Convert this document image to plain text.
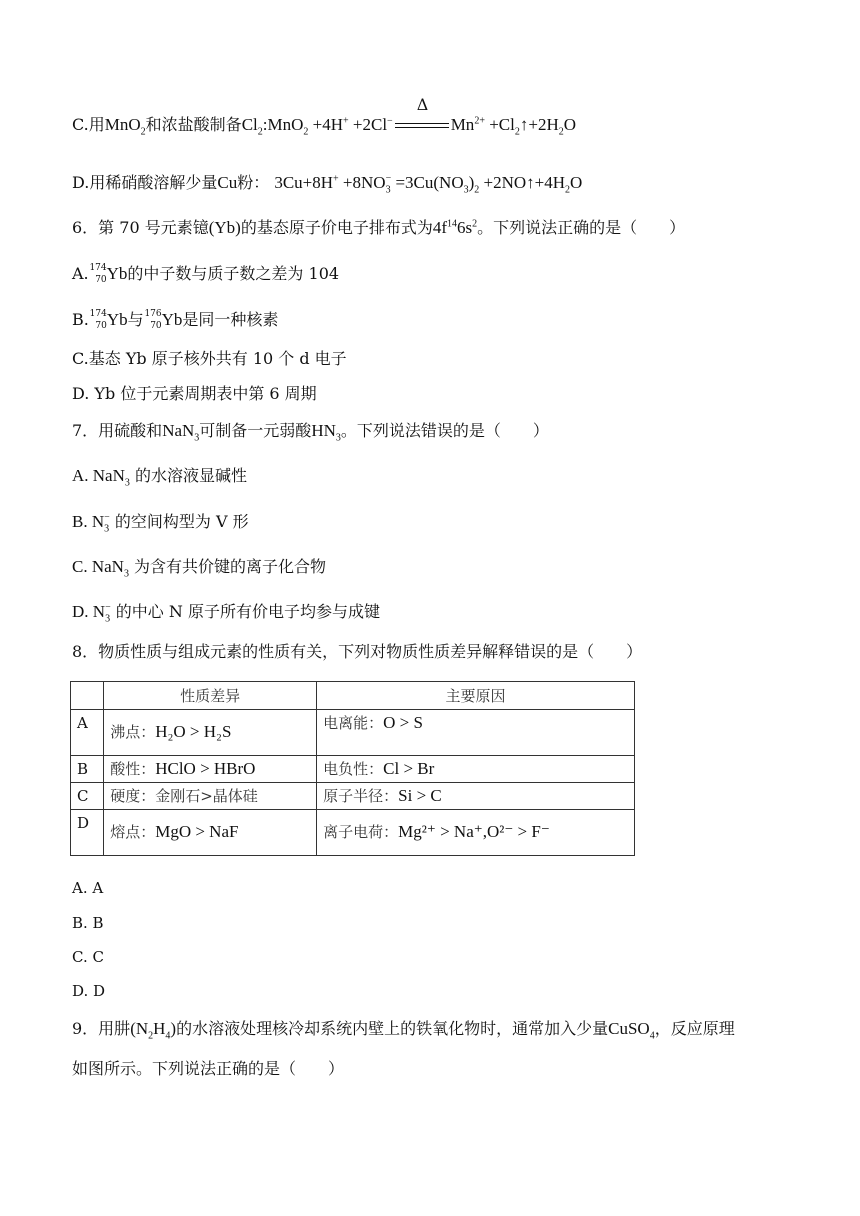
C.用MnO$_2$和浓盐酸制备$Cl_2:MnO_2 +4H^+ +2Cl^-$
Δ
$Mn^{2+}$ $+Cl_2↑+2H_2O$
D.用稀硝酸溶解少量Cu粉： $3Cu+8H^+ +8NO_3^- =3Cu(NO_3)_2$ $+2NO↑+4H_2O$
6．第 70 号元素镱(Yb)的基态原子价电子排布式为$4f^{14}6s^2$。下列说法正确的是（　　）
A. 174
70 Yb的中子数与质子数之差为 104
B. 174
70 Yb与 176
70 Yb是同一种核素
C.基态 Yb 原子核外共有 10 个 d 电子
D. Yb 位于元素周期表中第 6 周期
7．用硫酸和NaN$_3$可制备一元弱酸$HN_3$。下列说法错误的是（　　）
A. NaN$_3$ 的水溶液显碱性
B. $N_3^-$ 的空间构型为 V 形
C. NaN$_3$ 为含有共价键的离子化合物
D. $N_3^-$ 的中心 N 原子所有价电子均参与成键
8．物质性质与组成元素的性质有关，下列对物质性质差异解释错误的是（　　）
	性质差异	主要原因
A	沸点：H₂O > H₂S	电离能：O > S
B	酸性：HClO > HBrO	电负性：Cl > Br
C	硬度：金刚石>晶体硅	原子半径：Si > C
D	熔点：MgO > NaF	离子电荷：Mg²⁺ > Na⁺,O²⁻ > F⁻
A. A
B. B
C. C
D. D
9．用肼$(N_2H_4)$的水溶液处理核冷却系统内壁上的铁氧化物时，通常加入少量CuSO$_4$，反应原理
如图所示。下列说法正确的是（　　）
